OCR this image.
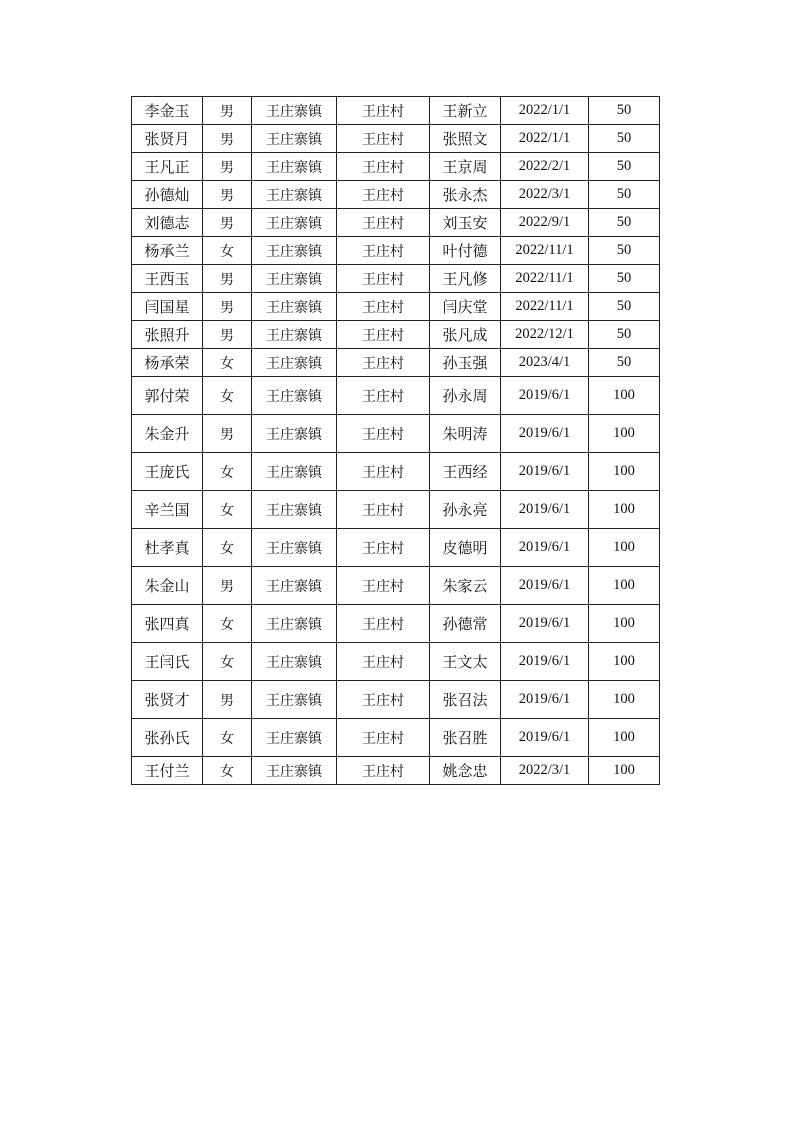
李金玉	男	王庄寨镇	王庄村	王新立	2022/1/1	50
张贤月	男	王庄寨镇	王庄村	张照文	2022/1/1	50
王凡正	男	王庄寨镇	王庄村	王京周	2022/2/1	50
孙德灿	男	王庄寨镇	王庄村	张永杰	2022/3/1	50
刘德志	男	王庄寨镇	王庄村	刘玉安	2022/9/1	50
杨承兰	女	王庄寨镇	王庄村	叶付德	2022/11/1	50
王西玉	男	王庄寨镇	王庄村	王凡修	2022/11/1	50
闫国星	男	王庄寨镇	王庄村	闫庆堂	2022/11/1	50
张照升	男	王庄寨镇	王庄村	张凡成	2022/12/1	50
杨承荣	女	王庄寨镇	王庄村	孙玉强	2023/4/1	50
郭付荣	女	王庄寨镇	王庄村	孙永周	2019/6/1	100
朱金升	男	王庄寨镇	王庄村	朱明涛	2019/6/1	100
王庞氏	女	王庄寨镇	王庄村	王西经	2019/6/1	100
辛兰国	女	王庄寨镇	王庄村	孙永亮	2019/6/1	100
杜孝真	女	王庄寨镇	王庄村	皮德明	2019/6/1	100
朱金山	男	王庄寨镇	王庄村	朱家云	2019/6/1	100
张四真	女	王庄寨镇	王庄村	孙德常	2019/6/1	100
王闫氏	女	王庄寨镇	王庄村	王文太	2019/6/1	100
张贤才	男	王庄寨镇	王庄村	张召法	2019/6/1	100
张孙氏	女	王庄寨镇	王庄村	张召胜	2019/6/1	100
王付兰	女	王庄寨镇	王庄村	姚念忠	2022/3/1	100
